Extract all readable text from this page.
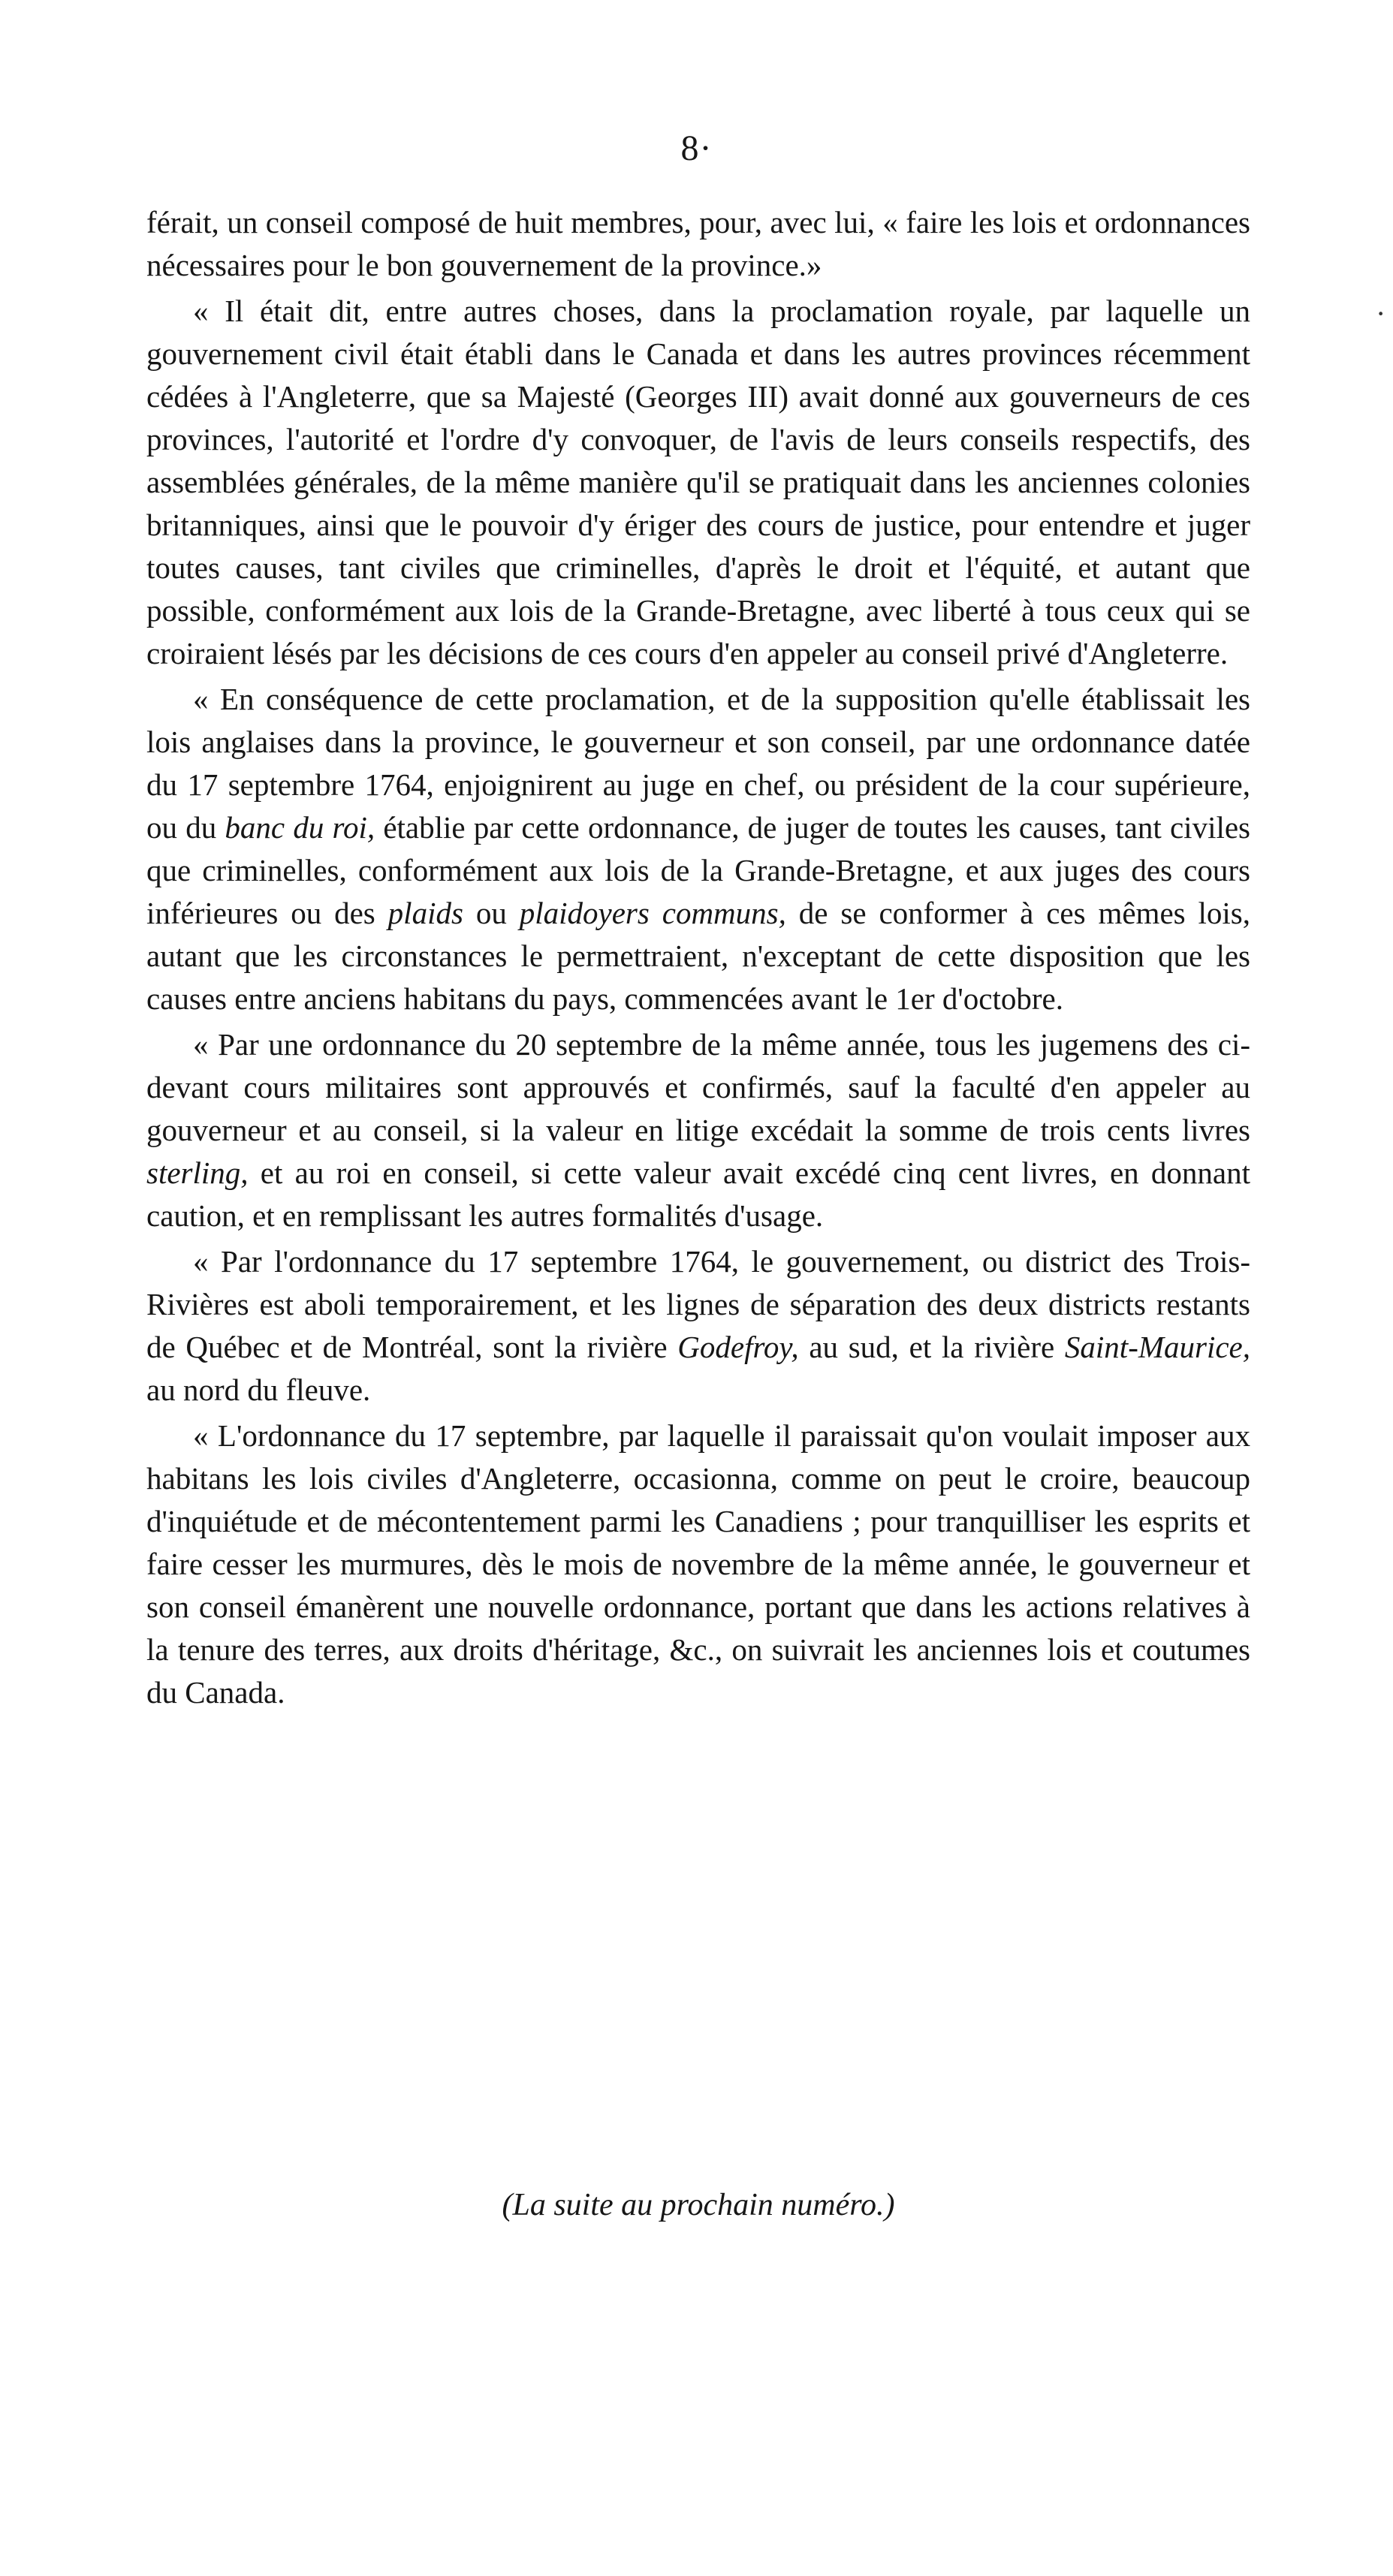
8·
·

férait, un conseil composé de huit membres, pour, avec lui, « faire les lois et ordonnances nécessaires pour le bon gouvernement de la province.»

« Il était dit, entre autres choses, dans la proclamation royale, par laquelle un gouvernement civil était établi dans le Canada et dans les autres provinces récemment cédées à l'Angleterre, que sa Majesté (Georges III) avait donné aux gouverneurs de ces provinces, l'autorité et l'ordre d'y convoquer, de l'avis de leurs conseils respectifs, des assemblées générales, de la même manière qu'il se pratiquait dans les anciennes colonies britanniques, ainsi que le pouvoir d'y ériger des cours de justice, pour entendre et juger toutes causes, tant civiles que criminelles, d'après le droit et l'équité, et autant que possible, conformément aux lois de la Grande-Bretagne, avec liberté à tous ceux qui se croiraient lésés par les décisions de ces cours d'en appeler au conseil privé d'Angleterre.

« En conséquence de cette proclamation, et de la supposition qu'elle établissait les lois anglaises dans la province, le gouverneur et son conseil, par une ordonnance datée du 17 septembre 1764, enjoignirent au juge en chef, ou président de la cour supérieure, ou du banc du roi, établie par cette ordonnance, de juger de toutes les causes, tant civiles que criminelles, conformément aux lois de la Grande-Bretagne, et aux juges des cours inférieures ou des plaids ou plaidoyers communs, de se conformer à ces mêmes lois, autant que les circonstances le permettraient, n'exceptant de cette disposition que les causes entre anciens habitans du pays, commencées avant le 1er d'octobre.

« Par une ordonnance du 20 septembre de la même année, tous les jugemens des ci-devant cours militaires sont approuvés et confirmés, sauf la faculté d'en appeler au gouverneur et au conseil, si la valeur en litige excédait la somme de trois cents livres sterling, et au roi en conseil, si cette valeur avait excédé cinq cent livres, en donnant caution, et en remplissant les autres formalités d'usage.

« Par l'ordonnance du 17 septembre 1764, le gouvernement, ou district des Trois-Rivières est aboli temporairement, et les lignes de séparation des deux districts restants de Québec et de Montréal, sont la rivière Godefroy, au sud, et la rivière Saint-Maurice, au nord du fleuve.

« L'ordonnance du 17 septembre, par laquelle il paraissait qu'on voulait imposer aux habitans les lois civiles d'Angleterre, occasionna, comme on peut le croire, beaucoup d'inquiétude et de mécontentement parmi les Canadiens ; pour tranquilliser les esprits et faire cesser les murmures, dès le mois de novembre de la même année, le gouverneur et son conseil émanèrent une nouvelle ordonnance, portant que dans les actions relatives à la tenure des terres, aux droits d'héritage, &c., on suivrait les anciennes lois et coutumes du Canada.

(La suite au prochain numéro.)
